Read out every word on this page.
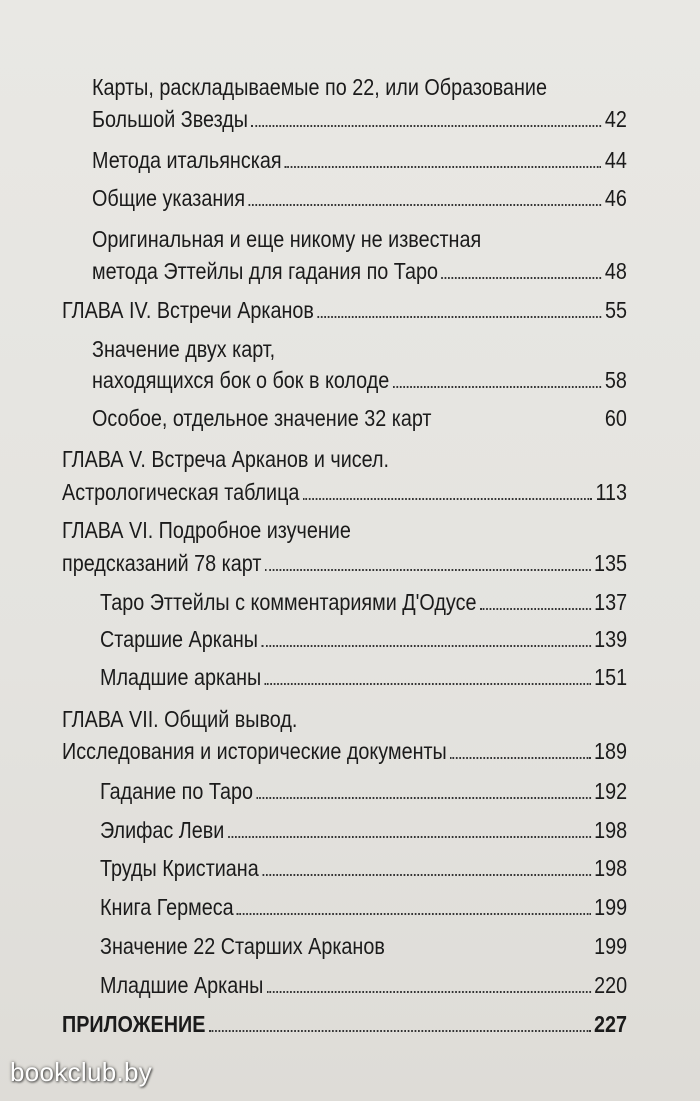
Карты, раскладываемые по 22, или Образование
Большой Звезды	42
Метода итальянская	44
Общие указания	46
Оригинальная и еще никому не известная
метода Эттейлы для гадания по Таро	48
ГЛАВА IV. Встречи Арканов	55
Значение двух карт,
находящихся бок о бок в колоде	58
Особое, отдельное значение 32 карт	60
ГЛАВА V. Встреча Арканов и чисел.
Астрологическая таблица	113
ГЛАВА VI. Подробное изучение
предсказаний 78 карт	135
Таро Эттейлы с комментариями Д'Одусе	137
Старшие Арканы	139
Младшие арканы	151
ГЛАВА VII. Общий вывод.
Исследования и исторические документы	189
Гадание по Таро	192
Элифас Леви	198
Труды Кристиана	198
Книга Гермеса	199
Значение 22 Старших Арканов	199
Младшие Арканы	220
ПРИЛОЖЕНИЕ	227
bookclub.by
